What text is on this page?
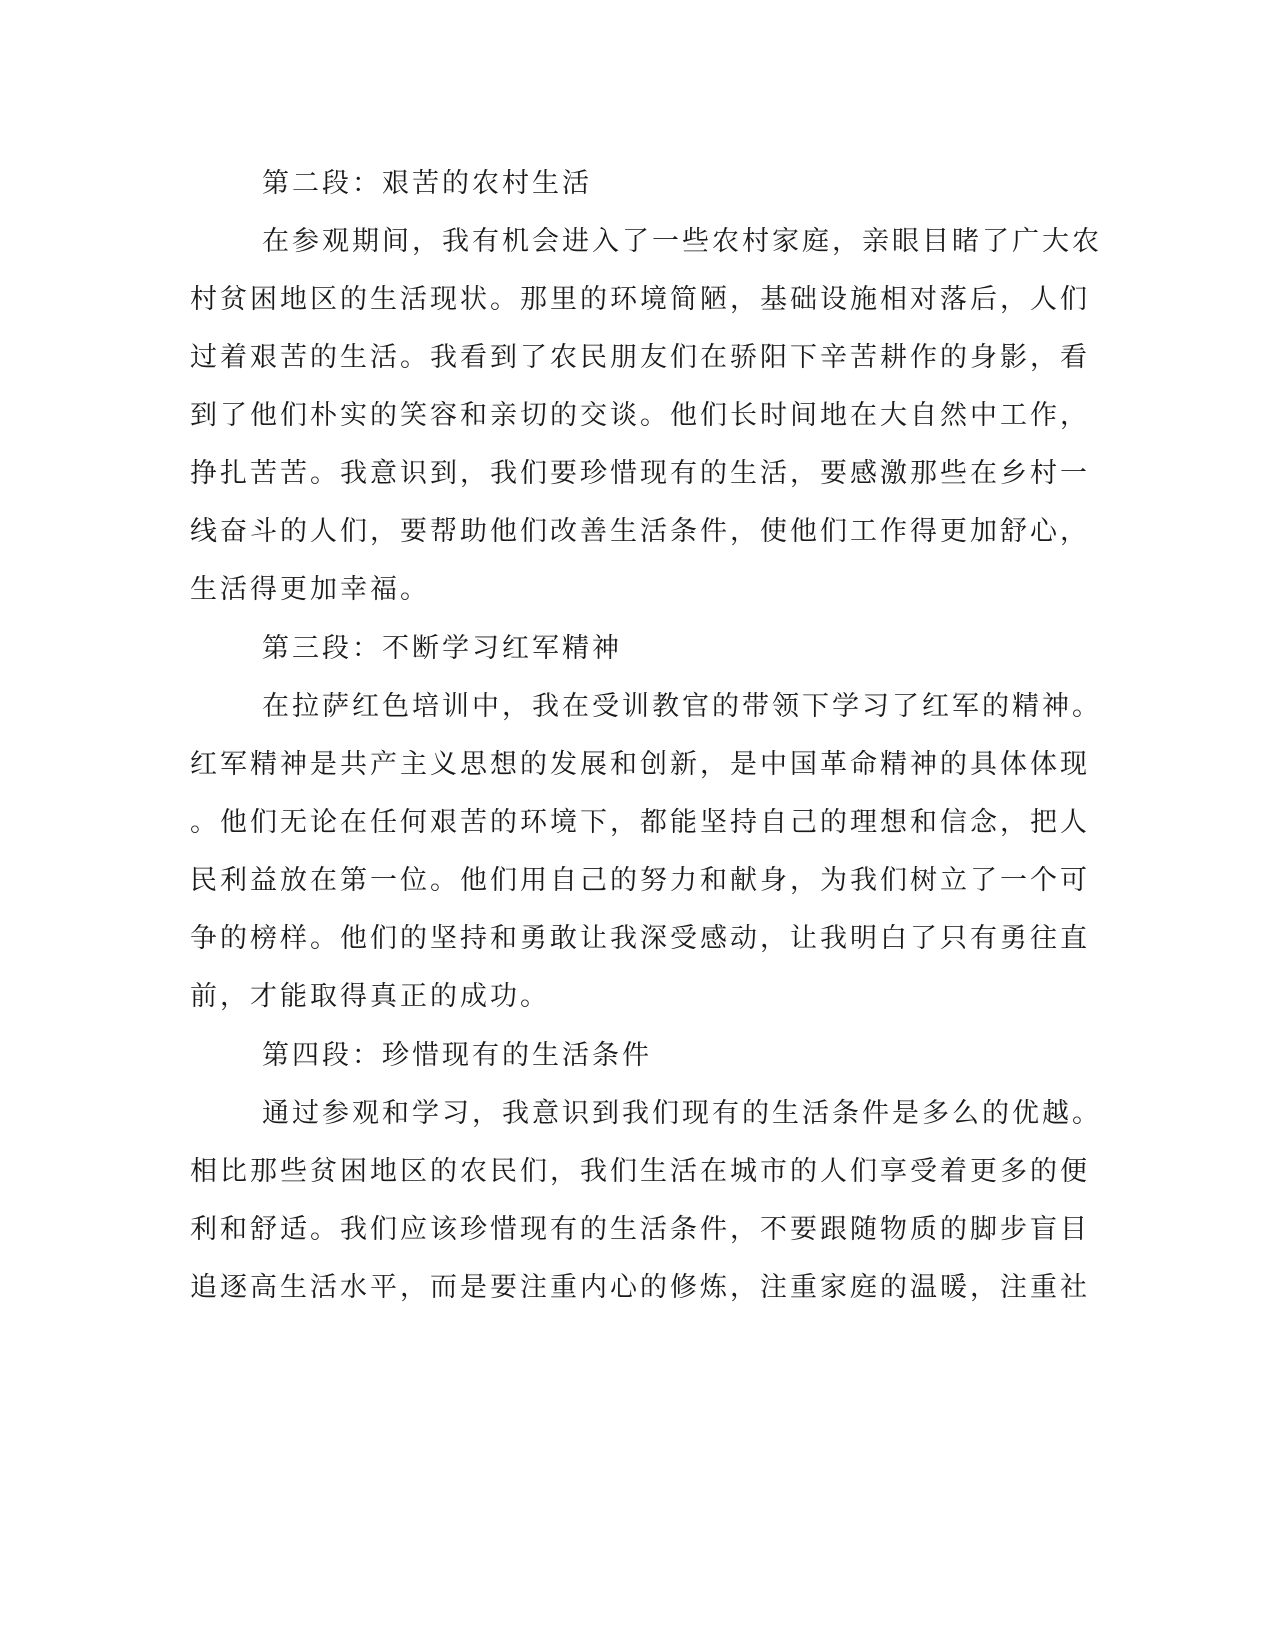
第二段：艰苦的农村生活
在参观期间，我有机会进入了一些农村家庭，亲眼目睹了广大农
村贫困地区的生活现状。那里的环境简陋，基础设施相对落后，人们
过着艰苦的生活。我看到了农民朋友们在骄阳下辛苦耕作的身影，看
到了他们朴实的笑容和亲切的交谈。他们长时间地在大自然中工作，
挣扎苦苦。我意识到，我们要珍惜现有的生活，要感激那些在乡村一
线奋斗的人们，要帮助他们改善生活条件，使他们工作得更加舒心，
生活得更加幸福。
第三段：不断学习红军精神
在拉萨红色培训中，我在受训教官的带领下学习了红军的精神。
红军精神是共产主义思想的发展和创新，是中国革命精神的具体体现
。他们无论在任何艰苦的环境下，都能坚持自己的理想和信念，把人
民利益放在第一位。他们用自己的努力和献身，为我们树立了一个可
争的榜样。他们的坚持和勇敢让我深受感动，让我明白了只有勇往直
前，才能取得真正的成功。
第四段：珍惜现有的生活条件
通过参观和学习，我意识到我们现有的生活条件是多么的优越。
相比那些贫困地区的农民们，我们生活在城市的人们享受着更多的便
利和舒适。我们应该珍惜现有的生活条件，不要跟随物质的脚步盲目
追逐高生活水平，而是要注重内心的修炼，注重家庭的温暖，注重社
